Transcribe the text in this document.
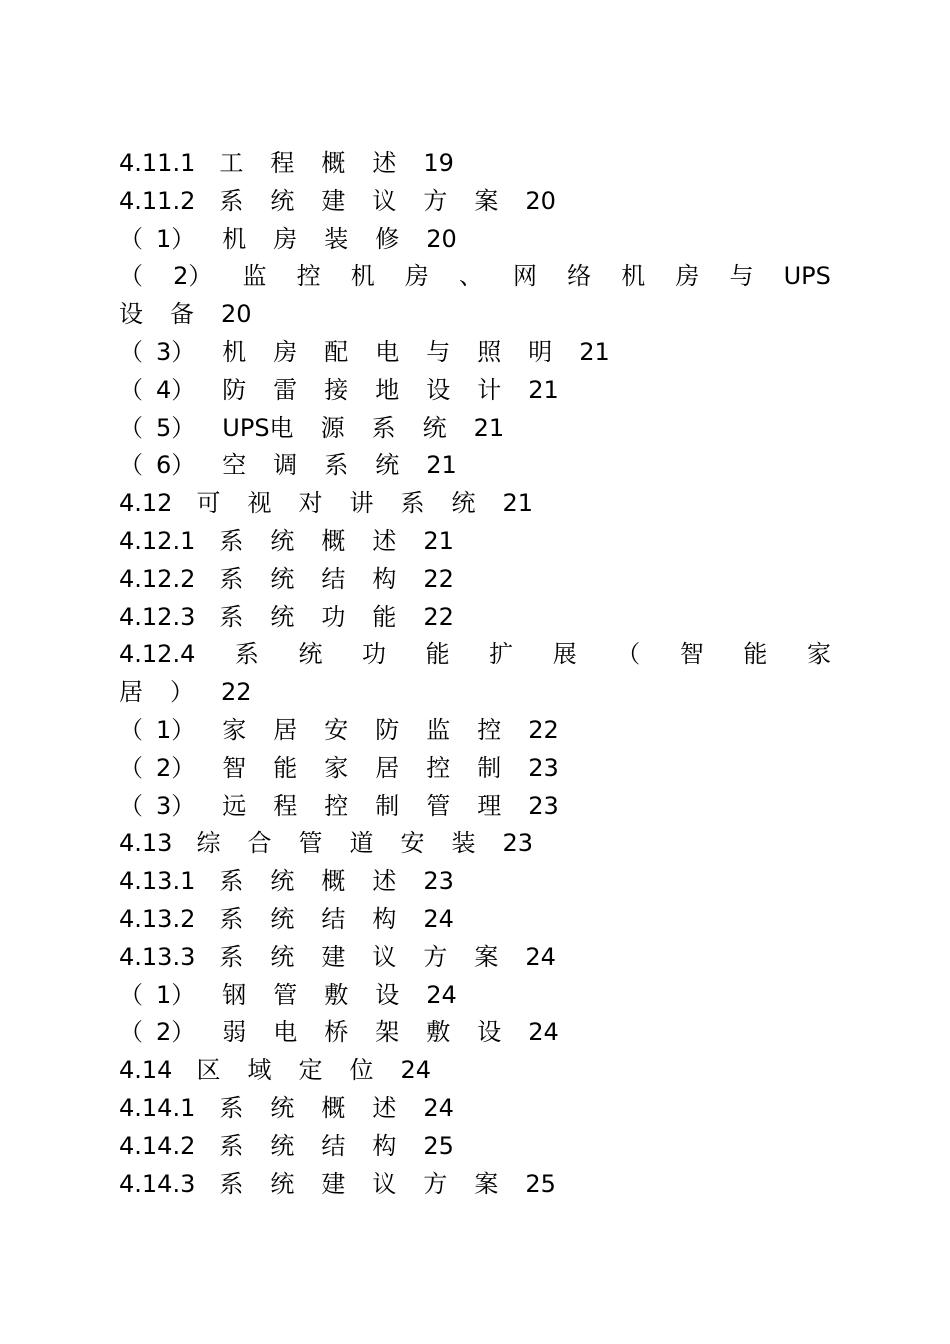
4.11.1 工 程 概 述 19
4.11.2 系 统 建 议 方 案 20
（ 1） 机 房 装 修 20
（ 2） 监 控 机 房 、 网 络 机 房 与 UPS
设 备 20
（ 3） 机 房 配 电 与 照 明 21
（ 4） 防 雷 接 地 设 计 21
（ 5） UPS电 源 系 统 21
（ 6） 空 调 系 统 21
4.12 可 视 对 讲 系 统 21
4.12.1 系 统 概 述 21
4.12.2 系 统 结 构 22
4.12.3 系 统 功 能 22
4.12.4 系 统 功 能 扩 展 （ 智 能 家
居 ） 22
（ 1） 家 居 安 防 监 控 22
（ 2） 智 能 家 居 控 制 23
（ 3） 远 程 控 制 管 理 23
4.13 综 合 管 道 安 装 23
4.13.1 系 统 概 述 23
4.13.2 系 统 结 构 24
4.13.3 系 统 建 议 方 案 24
（ 1） 钢 管 敷 设 24
（ 2） 弱 电 桥 架 敷 设 24
4.14 区 域 定 位 24
4.14.1 系 统 概 述 24
4.14.2 系 统 结 构 25
4.14.3 系 统 建 议 方 案 25
